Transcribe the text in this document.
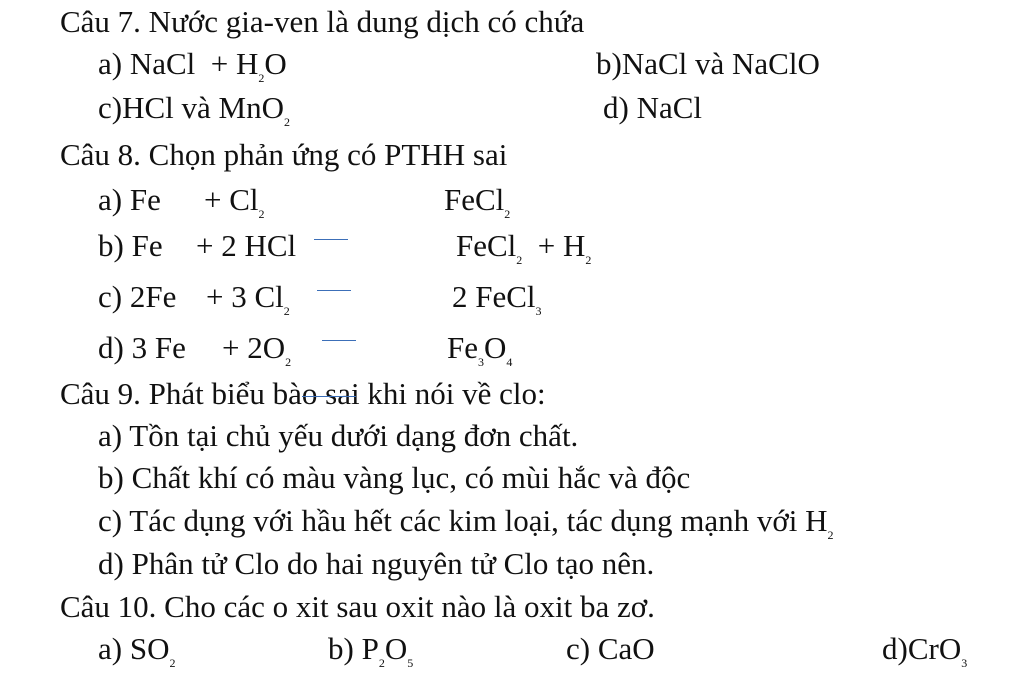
Câu 7. Nước gia-ven là dung dịch có chứa
a) NaCl  + $H_2O$	b)NaCl và NaClO
c)HCl và MnO$_2$	d) NaCl
Câu 8. Chọn phản ứng có PTHH sai
a) $Fe + Cl_2$	FeCl$_2$
b) Fe + 2 HCl	FeCl$_2$ + $H_2$
c) 2Fe + 3 $Cl_2$	2 FeCl$_3$
d) 3 $Fe + 2O_2$	$Fe_3O_4$
Câu 9. Phát biểu bào sai khi nói về clo:
a) Tồn tại chủ yếu dưới dạng đơn chất.
b) Chất khí có màu vàng lục, có mùi hắc và độc
c) Tác dụng với hầu hết các kim loại, tác dụng mạnh với $H_2$
d) Phân tử Clo do hai nguyên tử Clo tạo nên.
Câu 10. Cho các o xit sau oxit nào là oxit ba zơ.
a) $SO_2$	b) $P_2O_5$	c) CaO	d)CrO$_3$
